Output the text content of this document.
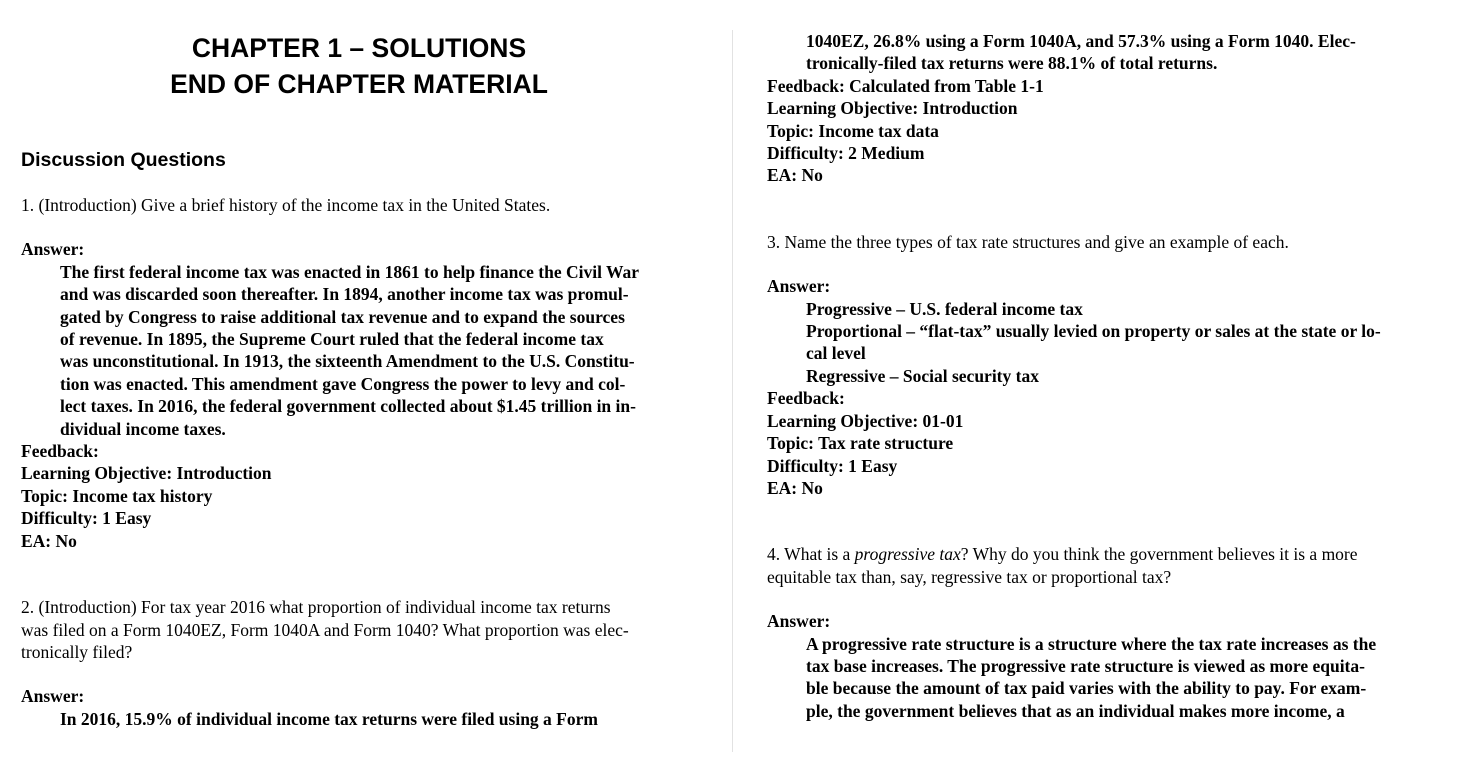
CHAPTER 1 – SOLUTIONS
END OF CHAPTER MATERIAL
Discussion Questions

1. (Introduction) Give a brief history of the income tax in the United States.

Answer:

The first federal income tax was enacted in 1861 to help finance the Civil War

and was discarded soon thereafter. In 1894, another income tax was promul-

gated by Congress to raise additional tax revenue and to expand the sources

of revenue. In 1895, the Supreme Court ruled that the federal income tax

was unconstitutional. In 1913, the sixteenth Amendment to the U.S. Constitu-

tion was enacted. This amendment gave Congress the power to levy and col-

lect taxes. In 2016, the federal government collected about $1.45 trillion in in-

dividual income taxes.

Feedback:

Learning Objective: Introduction

Topic: Income tax history

Difficulty: 1 Easy

EA: No

2. (Introduction) For tax year 2016 what proportion of individual income tax returns

was filed on a Form 1040EZ, Form 1040A and Form 1040? What proportion was elec-

tronically filed?

Answer:

In 2016, 15.9% of individual income tax returns were filed using a Form

1040EZ, 26.8% using a Form 1040A, and 57.3% using a Form 1040. Elec-

tronically-filed tax returns were 88.1% of total returns.

Feedback: Calculated from Table 1-1

Learning Objective: Introduction

Topic: Income tax data

Difficulty: 2 Medium

EA: No

3. Name the three types of tax rate structures and give an example of each.

Answer:

Progressive – U.S. federal income tax

Proportional – “flat-tax” usually levied on property or sales at the state or lo-

cal level

Regressive – Social security tax

Feedback:

Learning Objective: 01-01

Topic: Tax rate structure

Difficulty: 1 Easy

EA: No

4. What is a progressive tax? Why do you think the government believes it is a more

equitable tax than, say, regressive tax or proportional tax?

Answer:

A progressive rate structure is a structure where the tax rate increases as the

tax base increases. The progressive rate structure is viewed as more equita-

ble because the amount of tax paid varies with the ability to pay. For exam-

ple, the government believes that as an individual makes more income, a
